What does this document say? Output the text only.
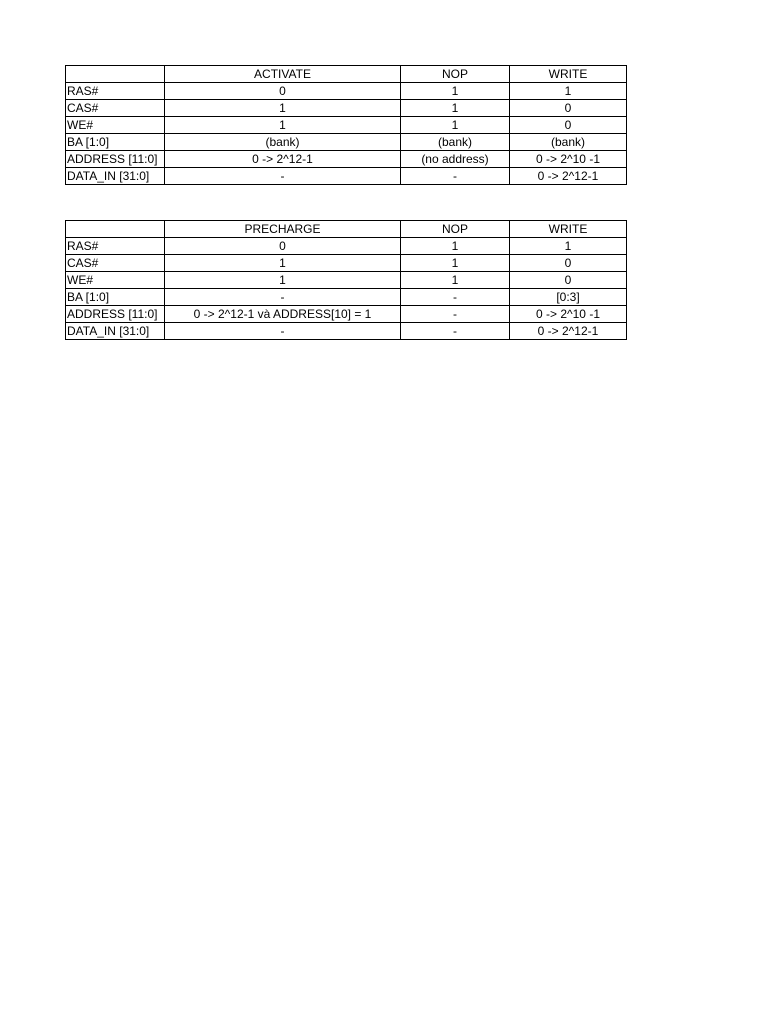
	ACTIVATE	NOP	WRITE
RAS#	0	1	1
CAS#	1	1	0
WE#	1	1	0
BA [1:0]	(bank)	(bank)	(bank)
ADDRESS [11:0]	0 -> 2^12-1	(no address)	0 -> 2^10 -1
DATA_IN [31:0]	-	-	0 -> 2^12-1
	PRECHARGE	NOP	WRITE
RAS#	0	1	1
CAS#	1	1	0
WE#	1	1	0
BA [1:0]	-	-	[0:3]
ADDRESS [11:0]	0 -> 2^12-1 và ADDRESS[10] = 1	-	0 -> 2^10 -1
DATA_IN [31:0]	-	-	0 -> 2^12-1
